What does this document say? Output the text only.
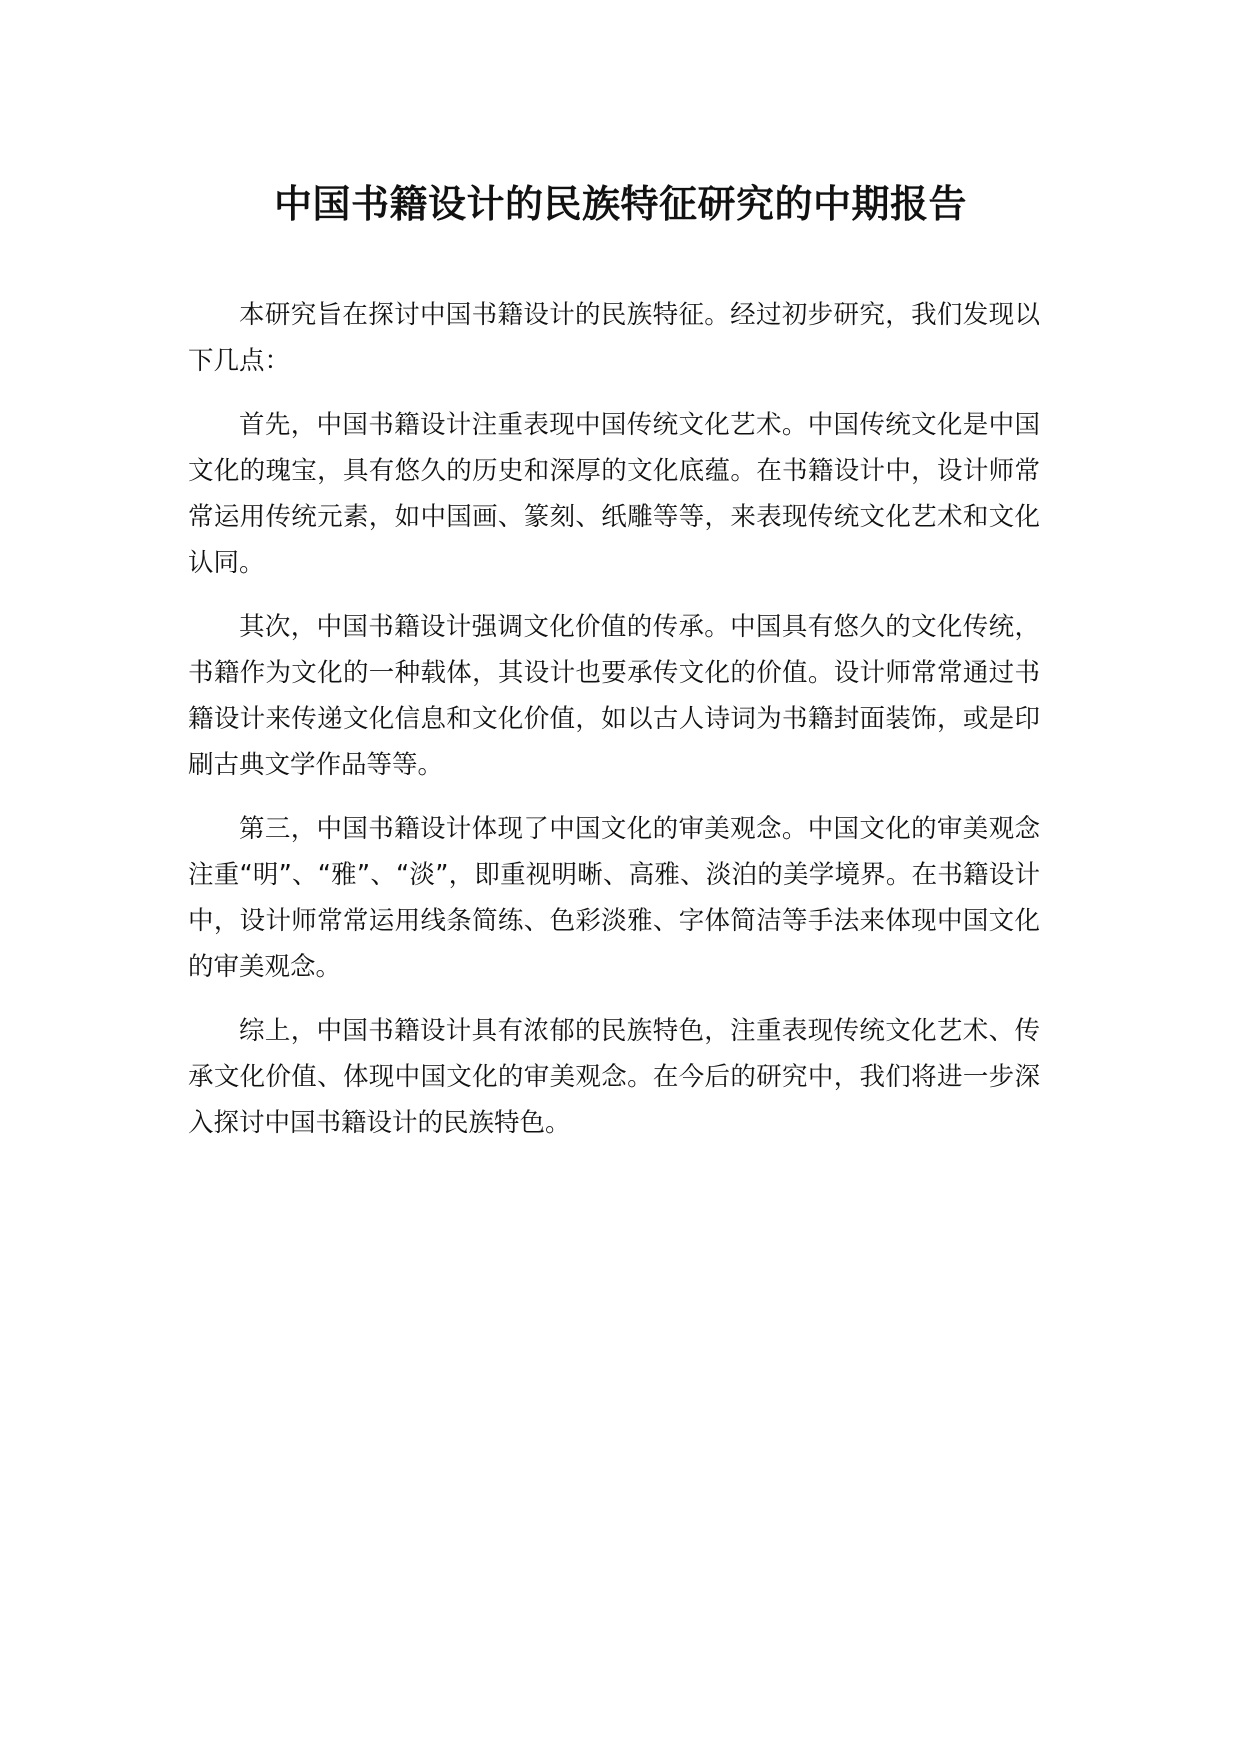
中国书籍设计的民族特征研究的中期报告

本研究旨在探讨中国书籍设计的民族特征。经过初步研究，我们发现以下几点：

首先，中国书籍设计注重表现中国传统文化艺术。中国传统文化是中国文化的瑰宝，具有悠久的历史和深厚的文化底蕴。在书籍设计中，设计师常常运用传统元素，如中国画、篆刻、纸雕等等，来表现传统文化艺术和文化认同。

其次，中国书籍设计强调文化价值的传承。中国具有悠久的文化传统，书籍作为文化的一种载体，其设计也要承传文化的价值。设计师常常通过书籍设计来传递文化信息和文化价值，如以古人诗词为书籍封面装饰，或是印刷古典文学作品等等。

第三，中国书籍设计体现了中国文化的审美观念。中国文化的审美观念注重“明”、“雅”、“淡”，即重视明晰、高雅、淡泊的美学境界。在书籍设计中，设计师常常运用线条简练、色彩淡雅、字体简洁等手法来体现中国文化的审美观念。

综上，中国书籍设计具有浓郁的民族特色，注重表现传统文化艺术、传承文化价值、体现中国文化的审美观念。在今后的研究中，我们将进一步深入探讨中国书籍设计的民族特色。
